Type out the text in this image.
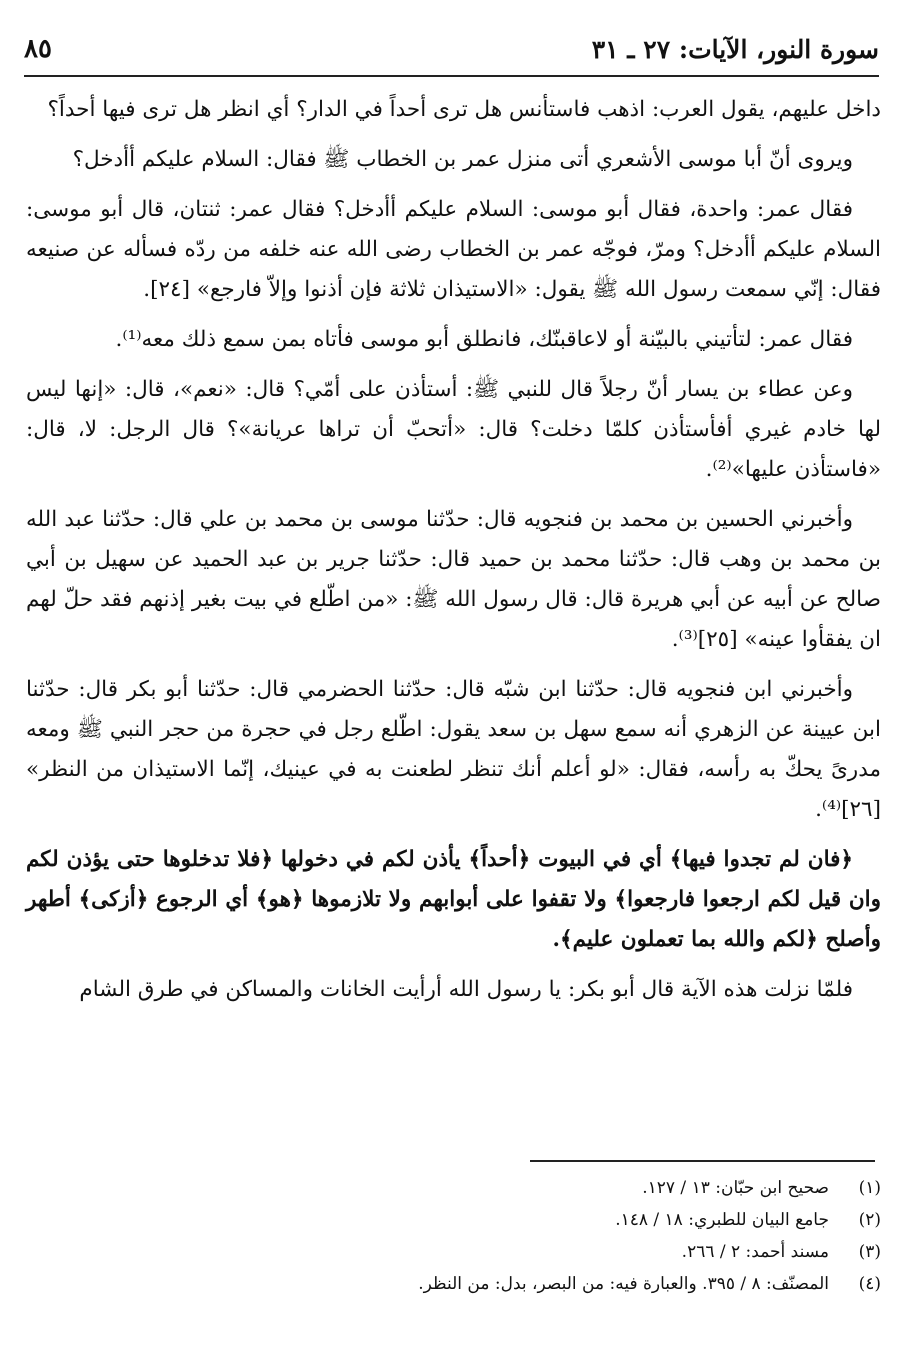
٨٥	سورة النور، الآيات: ٢٧ ـ ٣١

داخل عليهم، يقول العرب: اذهب فاستأنس هل ترى أحداً في الدار؟ أي انظر هل ترى فيها أحداً؟

ويروى أنّ أبا موسى الأشعري أتى منزل عمر بن الخطاب ﷺ فقال: السلام عليكم أأدخل؟

فقال عمر: واحدة، فقال أبو موسى: السلام عليكم أأدخل؟ فقال عمر: ثنتان، قال أبو موسى: السلام عليكم أأدخل؟ ومرّ، فوجّه عمر بن الخطاب رضى الله عنه خلفه من ردّه فسأله عن صنيعه فقال: إنّي سمعت رسول الله ﷺ يقول: «الاستيذان ثلاثة فإن أذنوا وإلاّ فارجع» [٢٤].

فقال عمر: لتأتيني بالبيّنة أو لاعاقبنّك، فانطلق أبو موسى فأتاه بمن سمع ذلك معه⁽¹⁾.

وعن عطاء بن يسار أنّ رجلاً قال للنبي ﷺ: أستأذن على أمّي؟ قال: «نعم»، قال: «إنها ليس لها خادم غيري أفأستأذن كلمّا دخلت؟ قال: «أتحبّ أن تراها عريانة»؟ قال الرجل: لا، قال: «فاستأذن عليها»⁽²⁾.

وأخبرني الحسين بن محمد بن فنجويه قال: حدّثنا موسى بن محمد بن علي قال: حدّثنا عبد الله بن محمد بن وهب قال: حدّثنا محمد بن حميد قال: حدّثنا جرير بن عبد الحميد عن سهيل بن أبي صالح عن أبيه عن أبي هريرة قال: قال رسول الله ﷺ: «من اطّلع في بيت بغير إذنهم فقد حلّ لهم ان يفقأوا عينه» [٢٥]⁽³⁾.

وأخبرني ابن فنجويه قال: حدّثنا ابن شبّه قال: حدّثنا الحضرمي قال: حدّثنا أبو بكر قال: حدّثنا ابن عيينة عن الزهري أنه سمع سهل بن سعد يقول: اطّلع رجل في حجرة من حجر النبي ﷺ ومعه مدرىً يحكّ به رأسه، فقال: «لو أعلم أنك تنظر لطعنت به في عينيك، إنّما الاستيذان من النظر» [٢٦]⁽⁴⁾.

﴿فان لم تجدوا فيها﴾ أي في البيوت ﴿أحداً﴾ يأذن لكم في دخولها ﴿فلا تدخلوها حتى يؤذن لكم وان قيل لكم ارجعوا فارجعوا﴾ ولا تقفوا على أبوابهم ولا تلازموها ﴿هو﴾ أي الرجوع ﴿أزكى﴾ أطهر وأصلح ﴿لكم والله بما تعملون عليم﴾.

فلمّا نزلت هذه الآية قال أبو بكر: يا رسول الله أرأيت الخانات والمساكن في طرق الشام

(١)
صحيح ابن حبّان: ١٣ / ١٢٧.
(٢)
جامع البيان للطبري: ١٨ / ١٤٨.
(٣)
مسند أحمد: ٢ / ٢٦٦.
(٤)
المصنّف: ٨ / ٣٩٥. والعبارة فيه: من البصر، بدل: من النظر.
